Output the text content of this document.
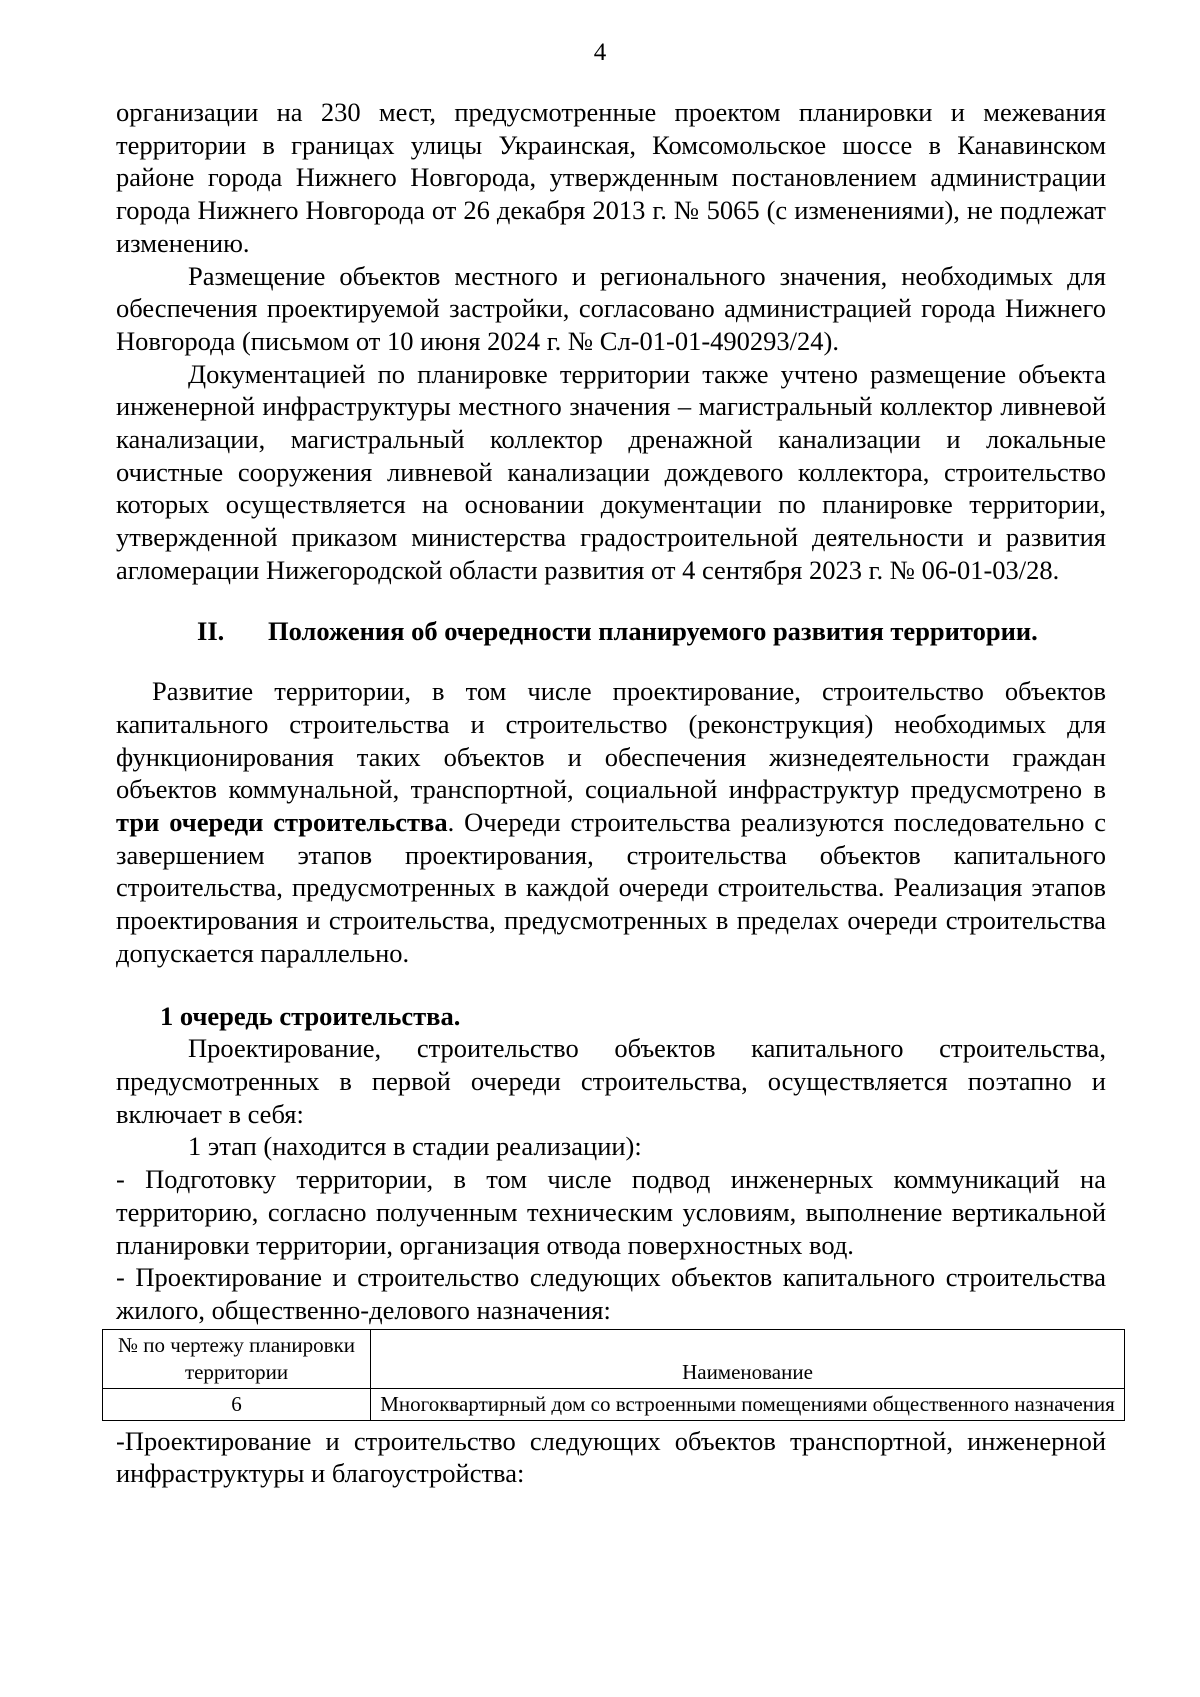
4

организации на 230 мест, предусмотренные проектом планировки и межевания территории в границах улицы Украинская, Комсомольское шоссе в Канавинском районе города Нижнего Новгорода, утвержденным постановлением администрации города Нижнего Новгорода от 26 декабря 2013 г. № 5065 (с изменениями), не подлежат изменению.

Размещение объектов местного и регионального значения, необходимых для обеспечения проектируемой застройки, согласовано администрацией города Нижнего Новгорода (письмом от 10 июня 2024 г. № Сл-01-01-490293/24).

Документацией по планировке территории также учтено размещение объекта инженерной инфраструктуры местного значения – магистральный коллектор ливневой канализации, магистральный коллектор дренажной канализации и локальные очистные сооружения ливневой канализации дождевого коллектора, строительство которых осуществляется на основании документации по планировке территории, утвержденной приказом министерства градостроительной деятельности и развития агломерации Нижегородской области развития от 4 сентября 2023 г. № 06-01-03/28.

II.	Положения об очередности планируемого развития территории.

Развитие территории, в том числе проектирование, строительство объектов капитального строительства и строительство (реконструкция) необходимых для функционирования таких объектов и обеспечения жизнедеятельности граждан объектов коммунальной, транспортной, социальной инфраструктур предусмотрено в три очереди строительства. Очереди строительства реализуются последовательно с завершением этапов проектирования, строительства объектов капитального строительства, предусмотренных в каждой очереди строительства. Реализация этапов проектирования и строительства, предусмотренных в пределах очереди строительства допускается параллельно.

1 очередь строительства.

Проектирование, строительство объектов капитального строительства, предусмотренных в первой очереди строительства, осуществляется поэтапно и включает в себя:

1 этап (находится в стадии реализации):

- Подготовку территории, в том числе подвод инженерных коммуникаций на территорию, согласно полученным техническим условиям, выполнение вертикальной планировки территории, организация отвода поверхностных вод.

- Проектирование и строительство следующих объектов капитального строительства жилого, общественно-делового назначения:

№ по чертежу планировки территории	Наименование
6	Многоквартирный дом со встроенными помещениями общественного назначения

-Проектирование и строительство следующих объектов транспортной, инженерной инфраструктуры и благоустройства:
